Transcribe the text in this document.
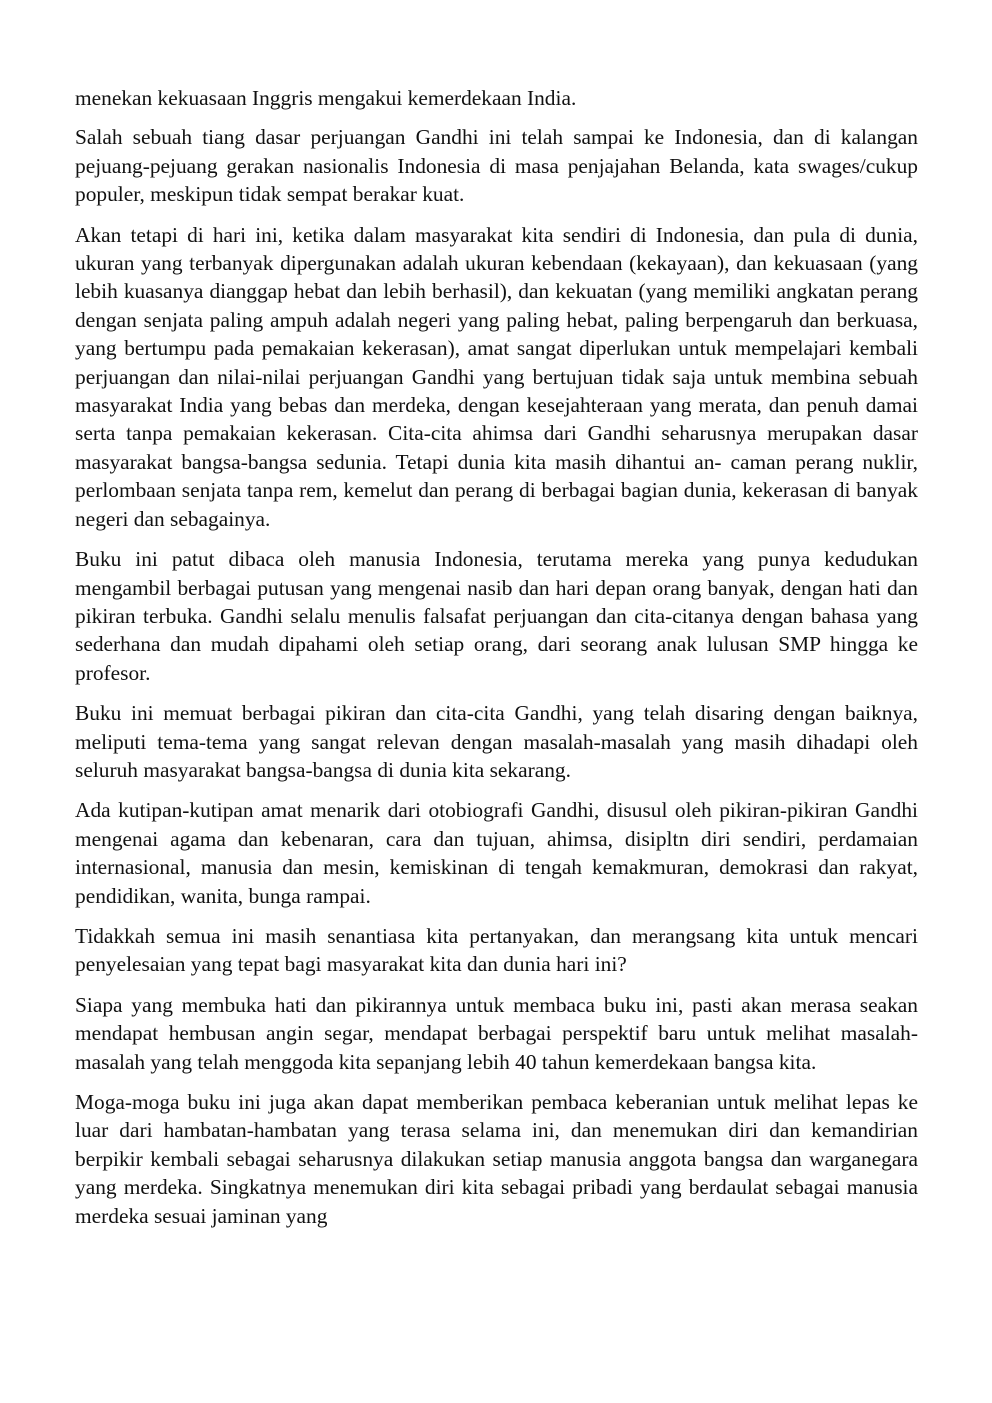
menekan kekuasaan Inggris mengakui kemerdekaan India.

Salah sebuah tiang dasar perjuangan Gandhi ini telah sampai ke Indonesia, dan di kalangan pejuang-pejuang gerakan nasionalis Indonesia di masa penjajahan Belanda, kata swages/cukup populer, meskipun tidak sempat berakar kuat.

Akan tetapi di hari ini, ketika dalam masyarakat kita sendiri di Indonesia, dan pula di dunia, ukuran yang terbanyak dipergunakan adalah ukuran kebendaan (kekayaan), dan kekuasaan (yang lebih kuasanya dianggap hebat dan lebih berhasil), dan kekuatan (yang memiliki angkatan perang dengan senjata paling ampuh adalah negeri yang paling hebat, paling berpengaruh dan berkuasa, yang bertumpu pada pemakaian kekerasan), amat sangat diperlukan untuk mempelajari kembali perjuangan dan nilai-nilai perjuangan Gandhi yang bertujuan tidak saja untuk membina sebuah masyarakat India yang bebas dan merdeka, dengan kesejahteraan yang merata, dan penuh damai serta tanpa pemakaian kekerasan. Cita-cita ahimsa dari Gandhi seharusnya merupakan dasar masyarakat bangsa-bangsa sedunia. Tetapi dunia kita masih dihantui an- caman perang nuklir, perlombaan senjata tanpa rem, kemelut dan perang di berbagai bagian dunia, kekerasan di banyak negeri dan sebagainya.

Buku ini patut dibaca oleh manusia Indonesia, terutama mereka yang punya kedudukan mengambil berbagai putusan yang mengenai nasib dan hari depan orang banyak, dengan hati dan pikiran terbuka. Gandhi selalu menulis falsafat perjuangan dan cita-citanya dengan bahasa yang sederhana dan mudah dipahami oleh setiap orang, dari seorang anak lulusan SMP hingga ke profesor.

Buku ini memuat berbagai pikiran dan cita-cita Gandhi, yang telah disaring dengan baiknya, meliputi tema-tema yang sangat relevan dengan masalah-masalah yang masih dihadapi oleh seluruh masyarakat bangsa-bangsa di dunia kita sekarang.

Ada kutipan-kutipan amat menarik dari otobiografi Gandhi, disusul oleh pikiran-pikiran Gandhi mengenai agama dan kebenaran, cara dan tujuan, ahimsa, disipltn diri sendiri, perdamaian internasional, manusia dan mesin, kemiskinan di tengah kemakmuran, demokrasi dan rakyat, pendidikan, wanita, bunga rampai.

Tidakkah semua ini masih senantiasa kita pertanyakan, dan merangsang kita untuk mencari penyelesaian yang tepat bagi masyarakat kita dan dunia hari ini?

Siapa yang membuka hati dan pikirannya untuk membaca buku ini, pasti akan merasa seakan mendapat hembusan angin segar, mendapat berbagai perspektif baru untuk melihat masalah-masalah yang telah menggoda kita sepanjang lebih 40 tahun kemerdekaan bangsa kita.

Moga-moga buku ini juga akan dapat memberikan pembaca keberanian untuk melihat lepas ke luar dari hambatan-hambatan yang terasa selama ini, dan menemukan diri dan kemandirian berpikir kembali sebagai seharusnya dilakukan setiap manusia anggota bangsa dan warganegara yang merdeka. Singkatnya menemukan diri kita sebagai pribadi yang berdaulat sebagai manusia merdeka sesuai jaminan yang
